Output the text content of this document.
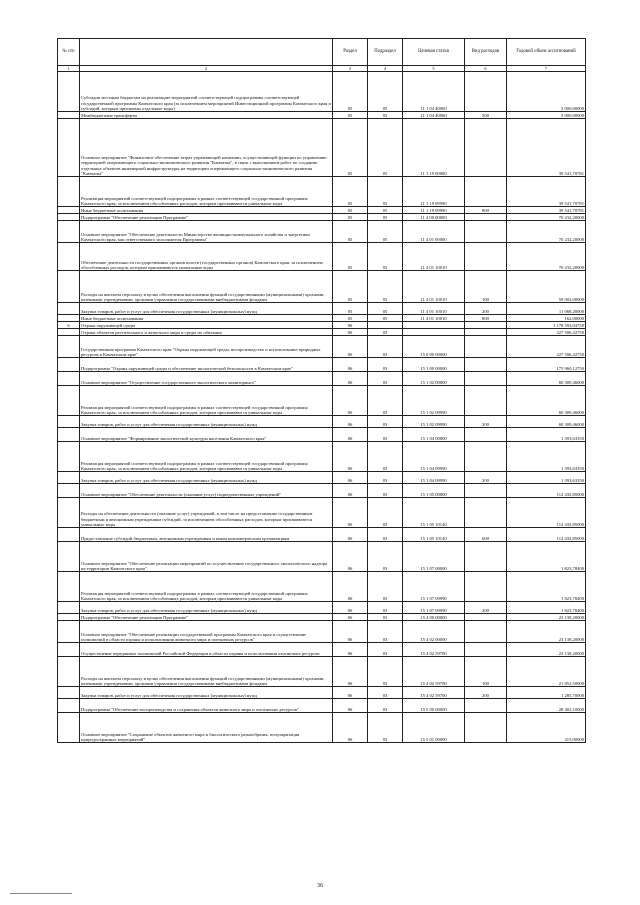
№ п/п		Раздел	Подраздел	Целевая статья	Вид расходов	Годовой объем ассигнований
1	2	3	4	5	6	7
	Субсидии местным бюджетам на реализацию мероприятий соответствующей подпрограммы соответствующей государственной программы Камчатского края (за исключением мероприятий Инвестиционной программы Камчатского края и субсидий, которым присвоены отдельные коды)	05	05	11 1 04 40060		3 000,00000
	Межбюджетные трансферты	05	05	11 1 04 40060	500	3 000,00000
	Основное мероприятие "Финансовое обеспечение затрат управляющей компании, осуществляющей функции по управлению территорией опережающего социально-экономического развития "Камчатка", в связи с выполнением работ по созданию отдельных объектов инженерной инфраструктуры на территории опережающего социально-экономического развития "Камчатка"	05	05	11 1 19 00000		39 541,70781
	Реализация мероприятий соответствующей подпрограммы в рамках соответствующей государственной программы Камчатского края, за исключением обособленных расходов, которым присваиваются уникальные коды	05	05	11 1 19 09990		39 541,70781
	Иные бюджетные ассигнования	05	05	11 1 19 09990	800	39 541,70781
	Подпрограмма "Обеспечение реализации Программы"	05	05	11 4 00 00000		70 232,20000
	Основное мероприятие "Обеспечение деятельности Министерства жилищно-коммунального хозяйства и энергетики Камчатского края, как ответственного исполнителя Программы"	05	05	11 4 01 00000		70 232,20000
	Обеспечение деятельности государственных органов власти (государственных органов) Камчатского края, за исключением обособленных расходов, которым присваиваются уникальные коды	05	05	11 4 01 10010		70 232,20000
	Расходы на выплаты персоналу в целях обеспечения выполнения функций государственными (муниципальными) органами, казенными учреждениями, органами управления государственными внебюджетными фондами	05	05	11 4 01 10010	100	59 002,00000
	Закупка товаров, работ и услуг для обеспечения государственных (муниципальных) нужд	05	05	11 4 01 10010	200	11 068,20000
	Иные бюджетные ассигнования	05	05	11 4 01 10010	800	162,00000
6	Охрана окружающей среды	06				1 178 593,04750
	Охрана объектов растительного и животного мира и среды их обитания	06	03			227 506,42750
	Государственная программа Камчатского края "Охрана окружающей среды, воспроизводство и использование природных ресурсов в Камчатском крае"	06	03	15 0 00 00000		227 506,42750
	Подпрограмма "Охрана окружающей среды и обеспечение экологической безопасности в Камчатском крае"	06	03	15 1 00 00000		175 960,12750
	Основное мероприятие "Осуществление государственного экологического мониторинга"	06	03	15 1 02 00000		60 309,46000
	Реализация мероприятий соответствующей подпрограммы в рамках соответствующей государственной программы Камчатского края, за исключением обособленных расходов, которым присваиваются уникальные коды	06	03	15 1 02 09990		60 309,46000
	Закупка товаров, работ и услуг для обеспечения государственных (муниципальных) нужд	06	03	15 1 02 09990	200	60 309,46000
	Основное мероприятие "Формирование экологической культуры населения Камчатского края"	06	03	15 1 04 00000		1 393,63350
	Реализация мероприятий соответствующей подпрограммы в рамках соответствующей государственной программы Камчатского края, за исключением обособленных расходов, которым присваиваются уникальные коды	06	03	15 1 04 09990		1 393,63350
	Закупка товаров, работ и услуг для обеспечения государственных (муниципальных) нужд	06	03	15 1 04 09990	200	1 393,63350
	Основное мероприятие "Обеспечение деятельности (оказание услуг) подведомственных учреждений"	06	03	15 1 05 00000		112 433,85000
	Расходы на обеспечение деятельности (оказание услуг) учреждений, в том числе на предоставление государственным бюджетным и автономным учреждениям субсидий, за исключением обособленных расходов, которым присваиваются уникальные коды	06	03	15 1 05 10140		112 433,85000
	Предоставление субсидий бюджетным, автономным учреждениям и иным некоммерческим организациям	06	03	15 1 05 10140	600	112 433,85000
	Основное мероприятие "Обеспечение реализации мероприятий по осуществлению государственного экологического надзора на территории Камчатского края"	06	03	15 1 07 00000		1 823,78400
	Реализация мероприятий соответствующей подпрограммы в рамках соответствующей государственной программы Камчатского края, за исключением обособленных расходов, которым присваиваются уникальные коды	06	03	15 1 07 09990		1 823,78400
	Закупка товаров, работ и услуг для обеспечения государственных (муниципальных) нужд	06	03	15 1 07 09990	200	1 823,78400
	Подпрограмма "Обеспечение реализации Программы"	06	03	15 4 00 00000		23 138,20000
	Основное мероприятие "Обеспечение реализации государственной программы Камчатского края и осуществление полномочий в области охраны и использования животного мира и охотничьих ресурсов"	06	03	15 4 02 00000		23 138,20000
	Осуществление переданных полномочий Российской Федерации в области охраны и использования охотничьих ресурсов	06	03	15 4 02 59700		23 138,20000
	Расходы на выплаты персоналу в целях обеспечения выполнения функций государственными (муниципальными) органами, казенными учреждениями, органами управления государственными внебюджетными фондами	06	03	15 4 02 59700	100	21 852,50000
	Закупка товаров, работ и услуг для обеспечения государственных (муниципальных) нужд	06	03	15 4 02 59700	200	1 285,70000
	Подпрограмма "Обеспечение воспроизводства и сохранения объектов животного мира и охотничьих ресурсов"	06	03	15 5 00 00000		28 402,10000
	Основное мероприятие "Сохранение объектов животного мира и биологического разнообразия, популяризация природоохранных мероприятий"	06	03	15 5 01 00000		315,00000
36
